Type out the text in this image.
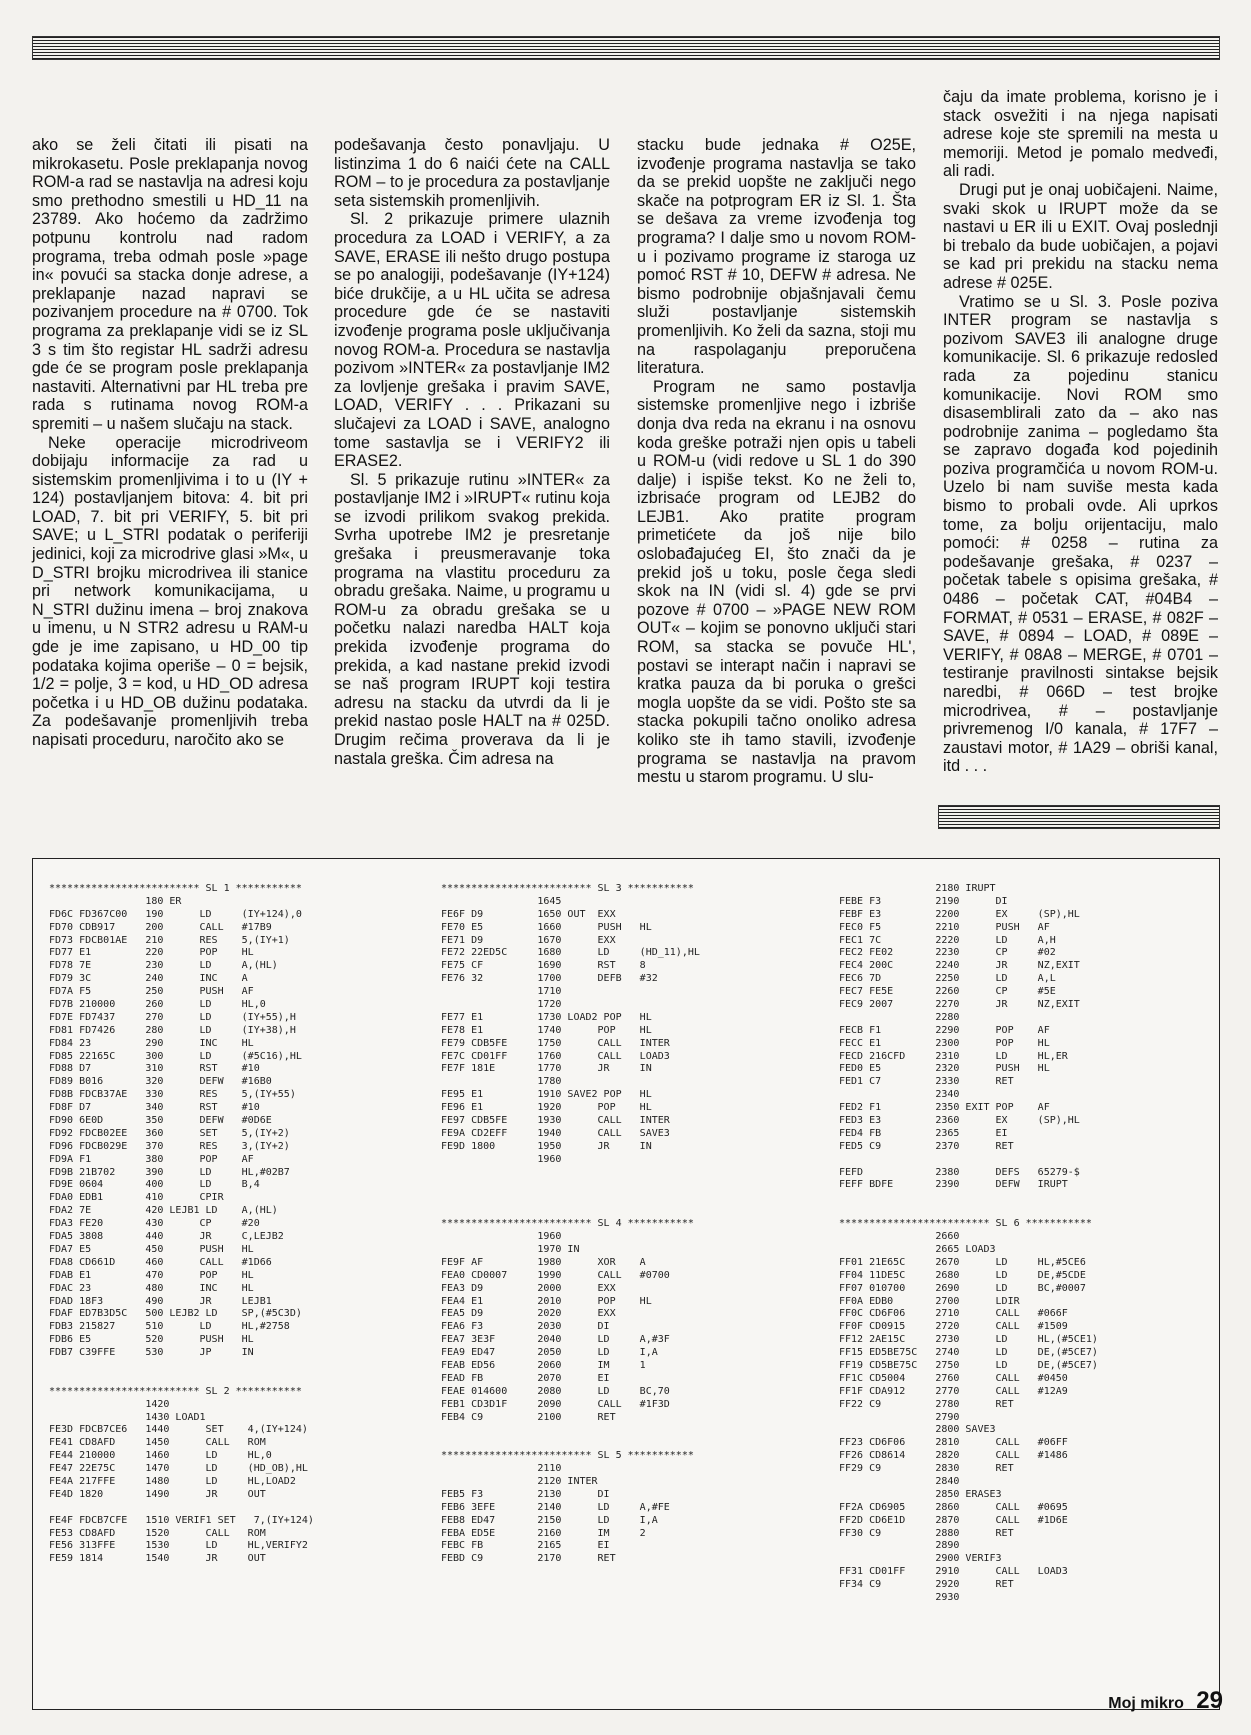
ako se želi čitati ili pisati na mikrokasetu. Posle preklapanja novog ROM-a rad se nastavlja na adresi koju smo prethodno smestili u HD_11 na 23789. Ako hoćemo da zadržimo potpunu kontrolu nad radom programa, treba odmah posle »page in« povući sa stacka donje adrese, a preklapanje nazad napravi se pozivanjem procedure na # 0700. Tok programa za preklapanje vidi se iz SL 3 s tim što registar HL sadrži adresu gde će se program posle preklapanja nastaviti. Alternativni par HL treba pre rada s rutinama novog ROM-a spremiti – u našem slučaju na stack.

Neke operacije microdriveom dobijaju informacije za rad u sistemskim promenljivima i to u (IY + 124) postavljanjem bitova: 4. bit pri LOAD, 7. bit pri VERIFY, 5. bit pri SAVE; u L_STRI podatak o periferiji jedinici, koji za microdrive glasi »M«, u D_STRI brojku microdrivea ili stanice pri network komunikacijama, u N_STRI dužinu imena – broj znakova u imenu, u N STR2 adresu u RAM-u gde je ime zapisano, u HD_00 tip podataka kojima operiše – 0 = bejsik, 1/2 = polje, 3 = kod, u HD_OD adresa početka i u HD_OB dužinu podataka. Za podešavanje promenljivih treba napisati proceduru, naročito ako se

podešavanja često ponavljaju. U listinzima 1 do 6 naići ćete na CALL ROM – to je procedura za postavljanje seta sistemskih promenljivih.

Sl. 2 prikazuje primere ulaznih procedura za LOAD i VERIFY, a za SAVE, ERASE ili nešto drugo postupa se po analogiji, podešavanje (IY+124) biće drukčije, a u HL učita se adresa procedure gde će se nastaviti izvođenje programa posle uključivanja novog ROM-a. Procedura se nastavlja pozivom »INTER« za postavljanje IM2 za lovljenje grešaka i pravim SAVE, LOAD, VERIFY . . . Prikazani su slučajevi za LOAD i SAVE, analogno tome sastavlja se i VERIFY2 ili ERASE2.

Sl. 5 prikazuje rutinu »INTER« za postavljanje IM2 i »IRUPT« rutinu koja se izvodi prilikom svakog prekida. Svrha upotrebe IM2 je presretanje grešaka i preusmeravanje toka programa na vlastitu proceduru za obradu grešaka. Naime, u programu u ROM-u za obradu grešaka se u početku nalazi naredba HALT koja prekida izvođenje programa do prekida, a kad nastane prekid izvodi se naš program IRUPT koji testira adresu na stacku da utvrdi da li je prekid nastao posle HALT na # 025D. Drugim rečima proverava da li je nastala greška. Čim adresa na

stacku bude jednaka # O25E, izvođenje programa nastavlja se tako da se prekid uopšte ne zaključi nego skače na potprogram ER iz Sl. 1. Šta se dešava za vreme izvođenja tog programa? I dalje smo u novom ROM-u i pozivamo programe iz staroga uz pomoć RST # 10, DEFW # adresa. Ne bismo podrobnije objašnjavali čemu služi postavljanje sistemskih promenljivih. Ko želi da sazna, stoji mu na raspolaganju preporučena literatura.

Program ne samo postavlja sistemske promenljive nego i izbriše donja dva reda na ekranu i na osnovu koda greške potraži njen opis u tabeli u ROM-u (vidi redove u SL 1 do 390 dalje) i ispiše tekst. Ko ne želi to, izbrisaće program od LEJB2 do LEJB1. Ako pratite program primetićete da još nije bilo oslobađajućeg EI, što znači da je prekid još u toku, posle čega sledi skok na IN (vidi sl. 4) gde se prvi pozove # 0700 – »PAGE NEW ROM OUT« – kojim se ponovno uključi stari ROM, sa stacka se povuče HL', postavi se interapt način i napravi se kratka pauza da bi poruka o grešci mogla uopšte da se vidi. Pošto ste sa stacka pokupili tačno onoliko adresa koliko ste ih tamo stavili, izvođenje programa se nastavlja na pravom mestu u starom programu. U slu-

čaju da imate problema, korisno je i stack osvežiti i na njega napisati adrese koje ste spremili na mesta u memoriji. Metod je pomalo medveđi, ali radi.

Drugi put je onaj uobičajeni. Naime, svaki skok u IRUPT može da se nastavi u ER ili u EXIT. Ovaj poslednji bi trebalo da bude uobičajen, a pojavi se kad pri prekidu na stacku nema adrese # 025E.

Vratimo se u Sl. 3. Posle poziva INTER program se nastavlja s pozivom SAVE3 ili analogne druge komunikacije. Sl. 6 prikazuje redosled rada za pojedinu stanicu komunikacije. Novi ROM smo disasemblirali zato da – ako nas podrobnije zanima – pogledamo šta se zapravo događa kod pojedinih poziva programčića u novom ROM-u. Uzelo bi nam suviše mesta kada bismo to probali ovde. Ali uprkos tome, za bolju orijentaciju, malo pomoći: # 0258 – rutina za podešavanje grešaka, # 0237 – početak tabele s opisima grešaka, # 0486 – početak CAT, #04B4 – FORMAT, # 0531 – ERASE, # 082F – SAVE, # 0894 – LOAD, # 089E – VERIFY, # 08A8 – MERGE, # 0701 – testiranje pravilnosti sintakse bejsik naredbi, # 066D – test brojke microdrivea, # – postavljanje privremenog I/0 kanala, # 17F7 – zaustavi motor, # 1A29 – obriši kanal, itd . . .

************************* SL 1 ***********
180 ER
FD6C FD367C00   190      LD     (IY+124),0
FD70 CDB917     200      CALL   #17B9
FD73 FDCB01AE   210      RES    5,(IY+1)
FD77 E1         220      POP    HL
FD78 7E         230      LD     A,(HL)
FD79 3C         240      INC    A
FD7A F5         250      PUSH   AF
FD7B 210000     260      LD     HL,0
FD7E FD7437     270      LD     (IY+55),H
FD81 FD7426     280      LD     (IY+38),H
FD84 23         290      INC    HL
FD85 22165C     300      LD     (#5C16),HL
FD88 D7         310      RST    #10
FD89 B016       320      DEFW   #16B0
FD8B FDCB37AE   330      RES    5,(IY+55)
FD8F D7         340      RST    #10
FD90 6E0D       350      DEFW   #0D6E
FD92 FDCB02EE   360      SET    5,(IY+2)
FD96 FDCB029E   370      RES    3,(IY+2)
FD9A F1         380      POP    AF
FD9B 21B702     390      LD     HL,#02B7
FD9E 0604       400      LD     B,4
FDA0 EDB1       410      CPIR
FDA2 7E         420 LEJB1 LD    A,(HL)
FDA3 FE20       430      CP     #20
FDA5 3808       440      JR     C,LEJB2
FDA7 E5         450      PUSH   HL
FDA8 CD661D     460      CALL   #1D66
FDAB E1         470      POP    HL
FDAC 23         480      INC    HL
FDAD 18F3       490      JR     LEJB1
FDAF ED7B3D5C   500 LEJB2 LD    SP,(#5C3D)
FDB3 215827     510      LD     HL,#2758
FDB6 E5         520      PUSH   HL
FDB7 C39FFE     530      JP     IN
************************* SL 2 ***********
1420
1430 LOAD1
FE3D FDCB7CE6   1440      SET    4,(IY+124)
FE41 CD8AFD     1450      CALL   ROM
FE44 210000     1460      LD     HL,0
FE47 22E75C     1470      LD     (HD_OB),HL
FE4A 217FFE     1480      LD     HL,LOAD2
FE4D 1820       1490      JR     OUT
FE4F FDCB7CFE   1510 VERIF1 SET   7,(IY+124)
FE53 CD8AFD     1520      CALL   ROM
FE56 313FFE     1530      LD     HL,VERIFY2
FE59 1814       1540      JR     OUT
************************* SL 3 ***********
1645
FE6F D9         1650 OUT  EXX
FE70 E5         1660      PUSH   HL
FE71 D9         1670      EXX
FE72 22ED5C     1680      LD     (HD_11),HL
FE75 CF         1690      RST    8
FE76 32         1700      DEFB   #32
1710
1720
FE77 E1         1730 LOAD2 POP   HL
FE78 E1         1740      POP    HL
FE79 CDB5FE     1750      CALL   INTER
FE7C CD01FF     1760      CALL   LOAD3
FE7F 181E       1770      JR     IN
1780
FE95 E1         1910 SAVE2 POP   HL
FE96 E1         1920      POP    HL
FE97 CDB5FE     1930      CALL   INTER
FE9A CD2EFF     1940      CALL   SAVE3
FE9D 1800       1950      JR     IN
1960
************************* SL 4 ***********
1960
1970 IN
FE9F AF         1980      XOR    A
FEA0 CD0007     1990      CALL   #0700
FEA3 D9         2000      EXX
FEA4 E1         2010      POP    HL
FEA5 D9         2020      EXX
FEA6 F3         2030      DI
FEA7 3E3F       2040      LD     A,#3F
FEA9 ED47       2050      LD     I,A
FEAB ED56       2060      IM     1
FEAD FB         2070      EI
FEAE 014600     2080      LD     BC,70
FEB1 CD3D1F     2090      CALL   #1F3D
FEB4 C9         2100      RET
************************* SL 5 ***********
2110
2120 INTER
FEB5 F3         2130      DI
FEB6 3EFE       2140      LD     A,#FE
FEB8 ED47       2150      LD     I,A
FEBA ED5E       2160      IM     2
FEBC FB         2165      EI
FEBD C9         2170      RET
2180 IRUPT
FEBE F3         2190      DI
FEBF E3         2200      EX     (SP),HL
FEC0 F5         2210      PUSH   AF
FEC1 7C         2220      LD     A,H
FEC2 FE02       2230      CP     #02
FEC4 200C       2240      JR     NZ,EXIT
FEC6 7D         2250      LD     A,L
FEC7 FE5E       2260      CP     #5E
FEC9 2007       2270      JR     NZ,EXIT
2280
FECB F1         2290      POP    AF
FECC E1         2300      POP    HL
FECD 216CFD     2310      LD     HL,ER
FED0 E5         2320      PUSH   HL
FED1 C7         2330      RET
2340
FED2 F1         2350 EXIT POP    AF
FED3 E3         2360      EX     (SP),HL
FED4 FB         2365      EI
FED5 C9         2370      RET
FEFD            2380      DEFS   65279-$
FEFF BDFE       2390      DEFW   IRUPT
************************* SL 6 ***********
2660
2665 LOAD3
FF01 21E65C     2670      LD     HL,#5CE6
FF04 11DE5C     2680      LD     DE,#5CDE
FF07 010700     2690      LD     BC,#0007
FF0A EDB0       2700      LDIR
FF0C CD6F06     2710      CALL   #066F
FF0F CD0915     2720      CALL   #1509
FF12 2AE15C     2730      LD     HL,(#5CE1)
FF15 ED5BE75C   2740      LD     DE,(#5CE7)
FF19 CD5BE75C   2750      LD     DE,(#5CE7)
FF1C CD5004     2760      CALL   #0450
FF1F CDA912     2770      CALL   #12A9
FF22 C9         2780      RET
2790
2800 SAVE3
FF23 CD6F06     2810      CALL   #06FF
FF26 CD8614     2820      CALL   #1486
FF29 C9         2830      RET
2840
2850 ERASE3
FF2A CD6905     2860      CALL   #0695
FF2D CD6E1D     2870      CALL   #1D6E
FF30 C9         2880      RET
2890
2900 VERIF3
FF31 CD01FF     2910      CALL   LOAD3
FF34 C9         2920      RET
2930
Moj mikro 29
